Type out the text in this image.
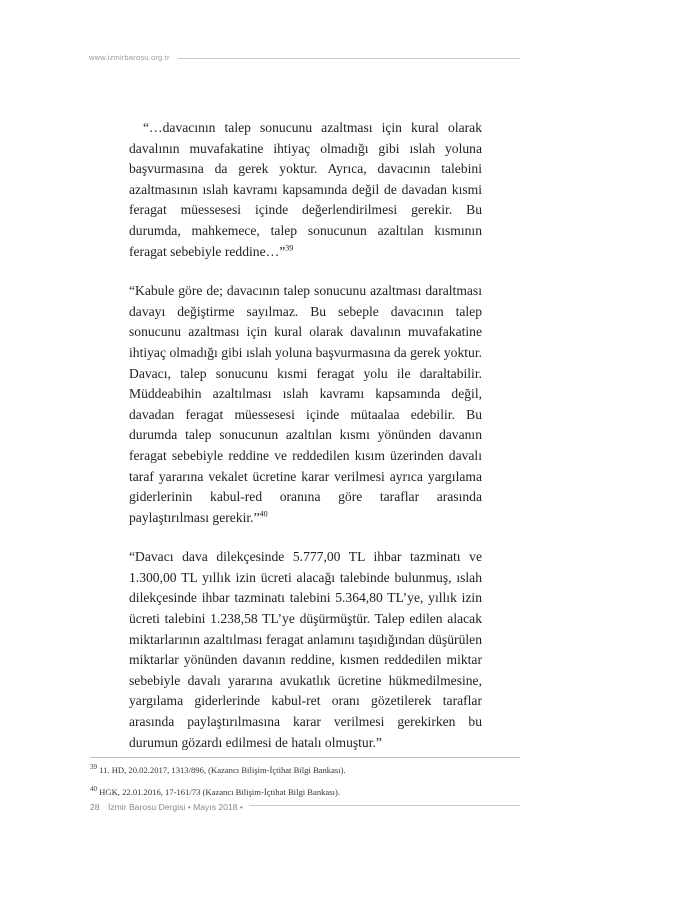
www.izmirbarosu.org.tr

“…davacının talep sonucunu azaltması için kural olarak davalının muvafakatine ihtiyaç olmadığı gibi ıslah yoluna başvurmasına da gerek yoktur. Ayrıca, davacının talebini azaltmasının ıslah kavramı kapsamında değil de davadan kısmi feragat müessesesi içinde değerlendirilmesi gerekir. Bu durumda, mahkemece, talep sonucunun azaltılan kısmının feragat sebebiyle reddine…”$^{39}$

“Kabule göre de; davacının talep sonucunu azaltması daraltması davayı değiştirme sayılmaz. Bu sebeple davacının talep sonucunu azaltması için kural olarak davalının muvafakatine ihtiyaç olmadığı gibi ıslah yoluna başvurmasına da gerek yoktur. Davacı, talep sonucunu kısmi feragat yolu ile daraltabilir. Müddeabihin azaltılması ıslah kavramı kapsamında değil, davadan feragat müessesesi içinde mütaalaa edebilir. Bu durumda talep sonucunun azaltılan kısmı yönünden davanın feragat sebebiyle reddine ve reddedilen kısım üzerinden davalı taraf yararına vekalet ücretine karar verilmesi ayrıca yargılama giderlerinin kabul-red oranına göre taraflar arasında paylaştırılması gerekir.”$^{40}$

“Davacı dava dilekçesinde 5.777,00 TL ihbar tazminatı ve 1.300,00 TL yıllık izin ücreti alacağı talebinde bulunmuş, ıslah dilekçesinde ihbar tazminatı talebini 5.364,80 TL’ye, yıllık izin ücreti talebini 1.238,58 TL’ye düşürmüştür. Talep edilen alacak miktarlarının azaltılması feragat anlamını taşıdığından düşürülen miktarlar yönünden davanın reddine, kısmen reddedilen miktar sebebiyle davalı yararına avukatlık ücretine hükmedilmesine, yargılama giderlerinde kabul-ret oranı gözetilerek taraflar arasında paylaştırılmasına karar verilmesi gerekirken bu durumun gözardı edilmesi de hatalı olmuştur.”

$^{39}$ 11. HD, 20.02.2017, 1313/896, (Kazancı Bilişim-İçtihat Bilgi Bankası).
$^{40}$ HGK, 22.01.2016, 17-161/73 (Kazancı Bilişim-İçtihat Bilgi Bankası).
28 İzmir Barosu Dergisi • Mayıs 2018 •
